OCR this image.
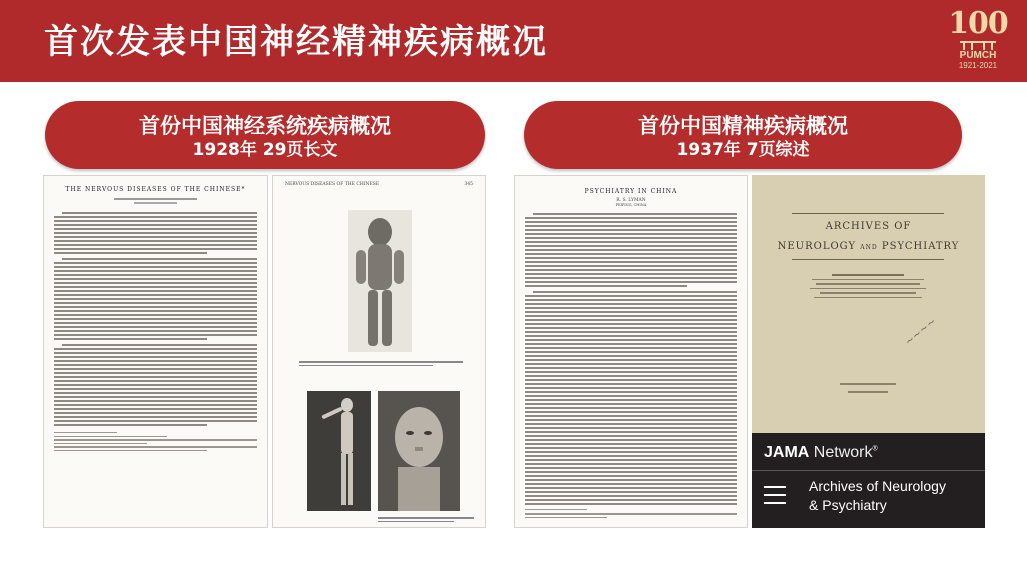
首次发表中国神经精神疾病概况	100
PUMCH
1921-2021
首份中国神经系统疾病概况
1928年 29页长文
首份中国精神疾病概况
1937年 7页综述
THE NERVOUS DISEASES OF THE CHINESE*
NERVOUS DISEASES OF THE CHINESE	345
PSYCHIATRY IN CHINA
R. S. LYMAN
PEIPING, CHINA
ARCHIVES OF
NEUROLOGY AND PSYCHIATRY
~~~~
JAMA Network®
Archives of Neurology
& Psychiatry
